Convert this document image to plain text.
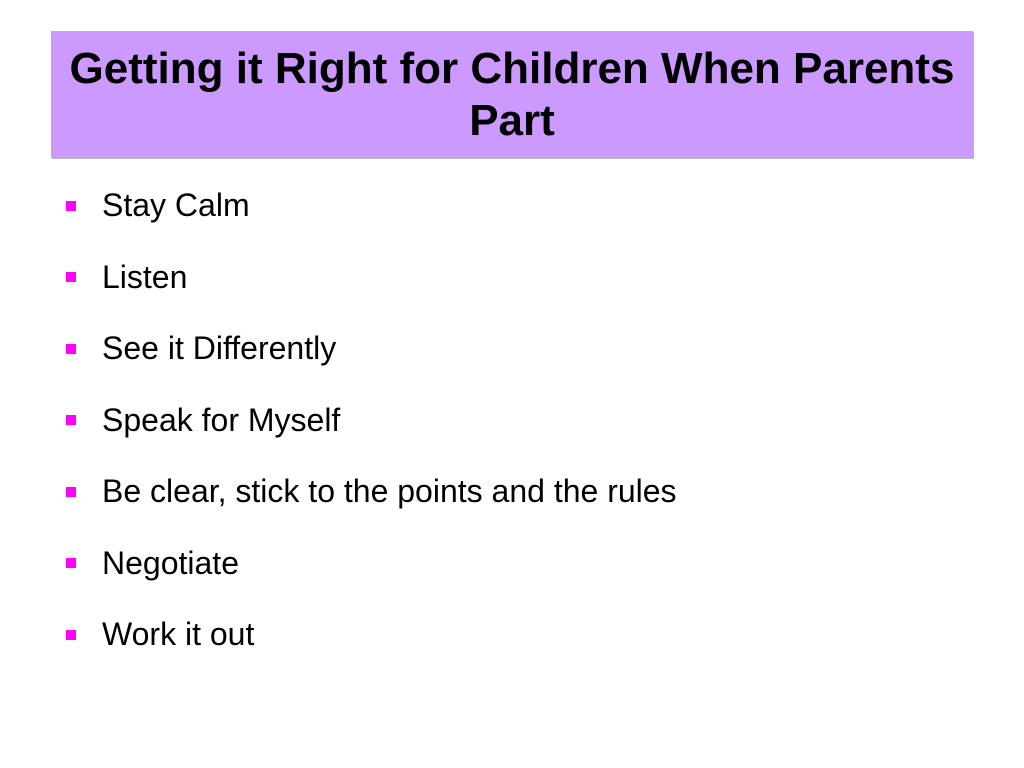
Getting it Right for Children When Parents Part
Stay Calm
Listen
See it Differently
Speak for Myself
Be clear, stick to the points and the rules
Negotiate
Work it out
